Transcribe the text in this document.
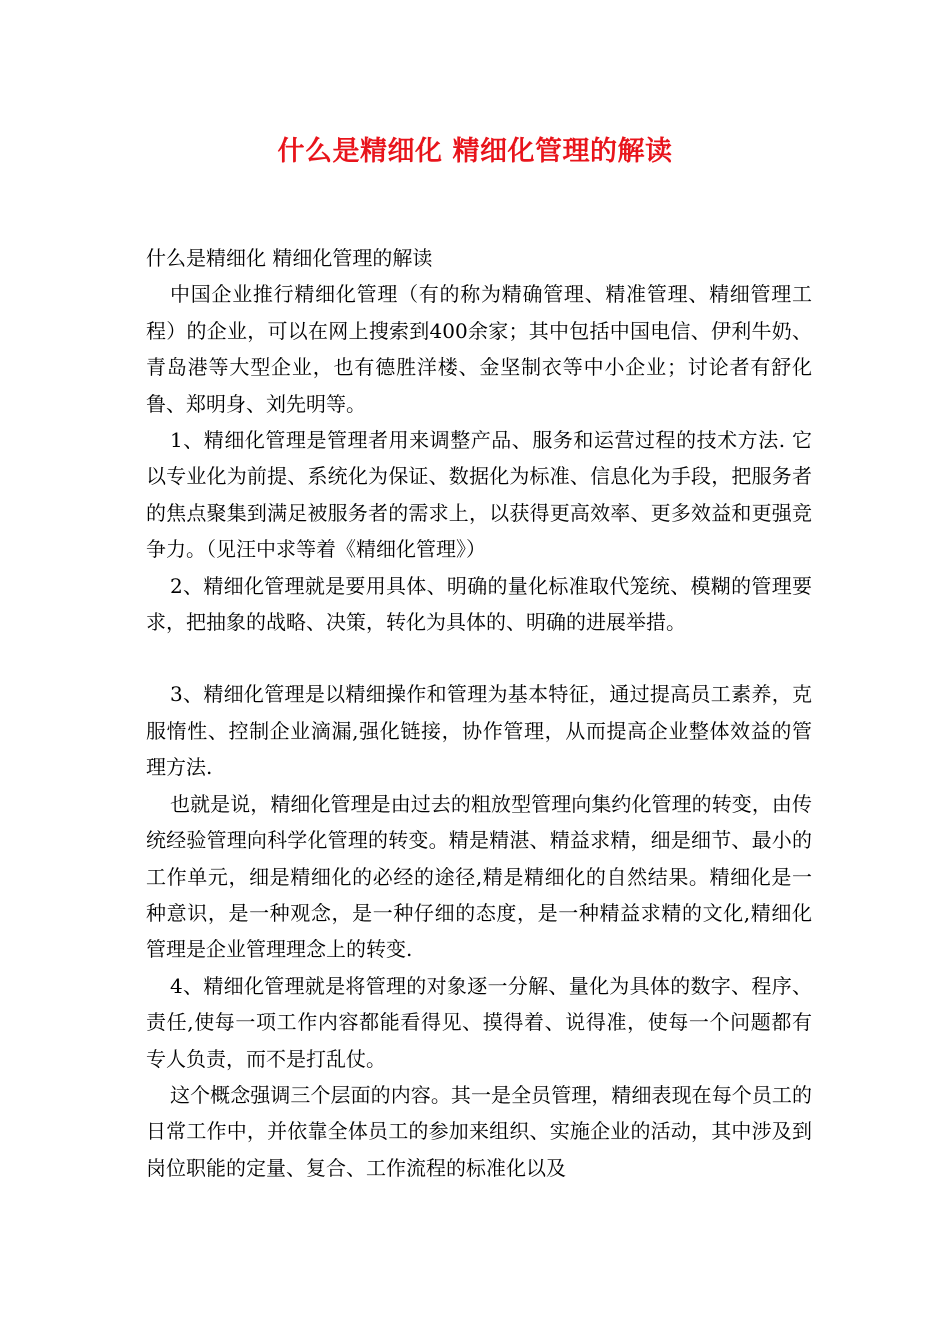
什么是精细化 精细化管理的解读

什么是精细化 精细化管理的解读

中国企业推行精细化管理（有的称为精确管理、精准管理、精细管理工程）的企业，可以在网上搜索到400余家；其中包括中国电信、伊利牛奶、青岛港等大型企业，也有德胜洋楼、金坚制衣等中小企业；讨论者有舒化鲁、郑明身、刘先明等。

1、精细化管理是管理者用来调整产品、服务和运营过程的技术方法. 它以专业化为前提、系统化为保证、数据化为标准、信息化为手段，把服务者的焦点聚集到满足被服务者的需求上，以获得更高效率、更多效益和更强竞争力。（见汪中求等着《精细化管理》）

2、精细化管理就是要用具体、明确的量化标准取代笼统、模糊的管理要求，把抽象的战略、决策，转化为具体的、明确的进展举措。

3、精细化管理是以精细操作和管理为基本特征，通过提高员工素养，克服惰性、控制企业滴漏,强化链接，协作管理，从而提高企业整体效益的管理方法.

也就是说，精细化管理是由过去的粗放型管理向集约化管理的转变，由传统经验管理向科学化管理的转变。精是精湛、精益求精，细是细节、最小的工作单元，细是精细化的必经的途径,精是精细化的自然结果。精细化是一种意识，是一种观念，是一种仔细的态度，是一种精益求精的文化,精细化管理是企业管理理念上的转变.

4、精细化管理就是将管理的对象逐一分解、量化为具体的数字、程序、责任,使每一项工作内容都能看得见、摸得着、说得准，使每一个问题都有专人负责，而不是打乱仗。

这个概念强调三个层面的内容。其一是全员管理，精细表现在每个员工的日常工作中，并依靠全体员工的参加来组织、实施企业的活动，其中涉及到岗位职能的定量、复合、工作流程的标准化以及
